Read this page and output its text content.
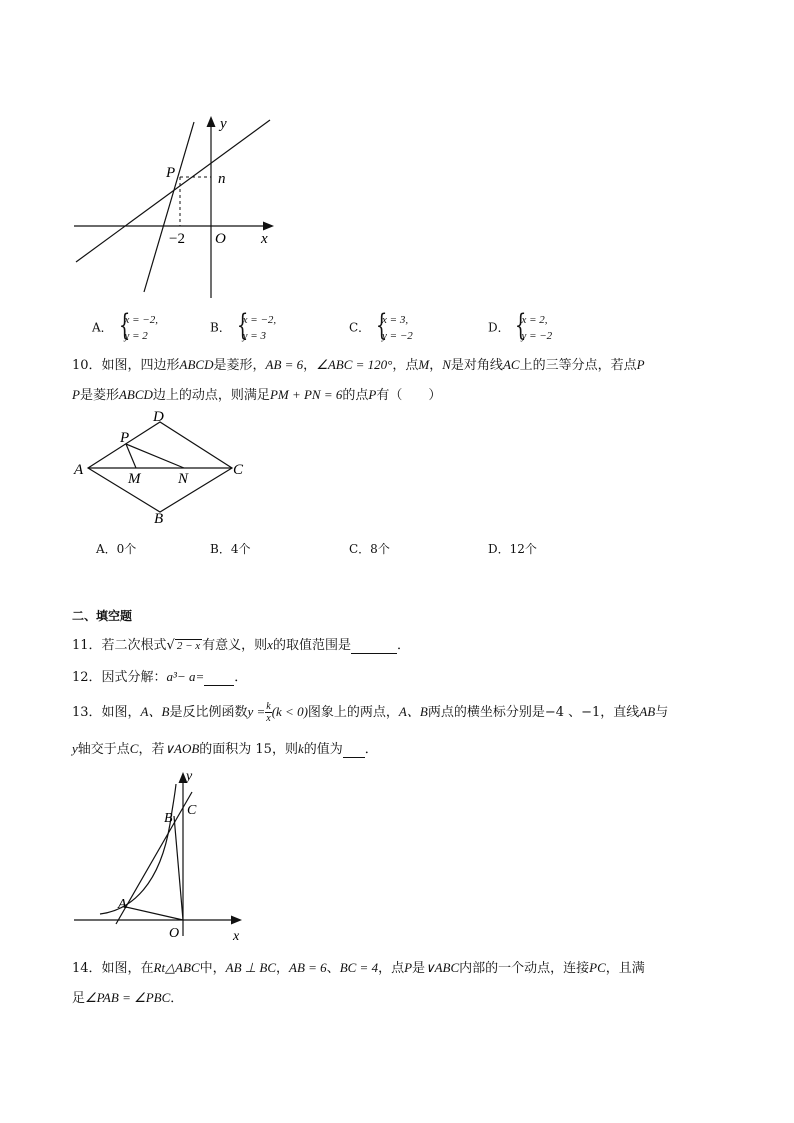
y
x
O
P	n
−2
A． {
x = −2,
y = 2
B． {
x = −2,
y = 3
C． {
x = 3,
y = −2
D． {
x = 2,
y = −2
10．如图，四边形ABCD是菱形，AB = 6，∠ABC = 120°，点M，N是对角线AC上的三等分点，若点P
P是菱形ABCD边上的动点，则满足PM + PN = 6的点P有（　　）
A
D
C
B
P
M	N
A．0个	B．4个	C．8个	D．12个
二、填空题
11．若二次根式√ 2 − x 有意义，则x的取值范围是	．
12．因式分解：a³− a= ．
13．如图，A、B是反比例函数$y = \frac{k}{x} (k < 0)$图象上的两点，A、B两点的横坐标分别是−4 、−1，直线AB与
y轴交于点C，若∨AOB的面积为 15，则k的值为 ．
y
x
O
A
B
C
14．如图，在Rt△ABC中，AB ⊥ BC，AB = 6、BC = 4，点P是∨ABC内部的一个动点，连接PC，且满
足∠PAB = ∠PBC．
